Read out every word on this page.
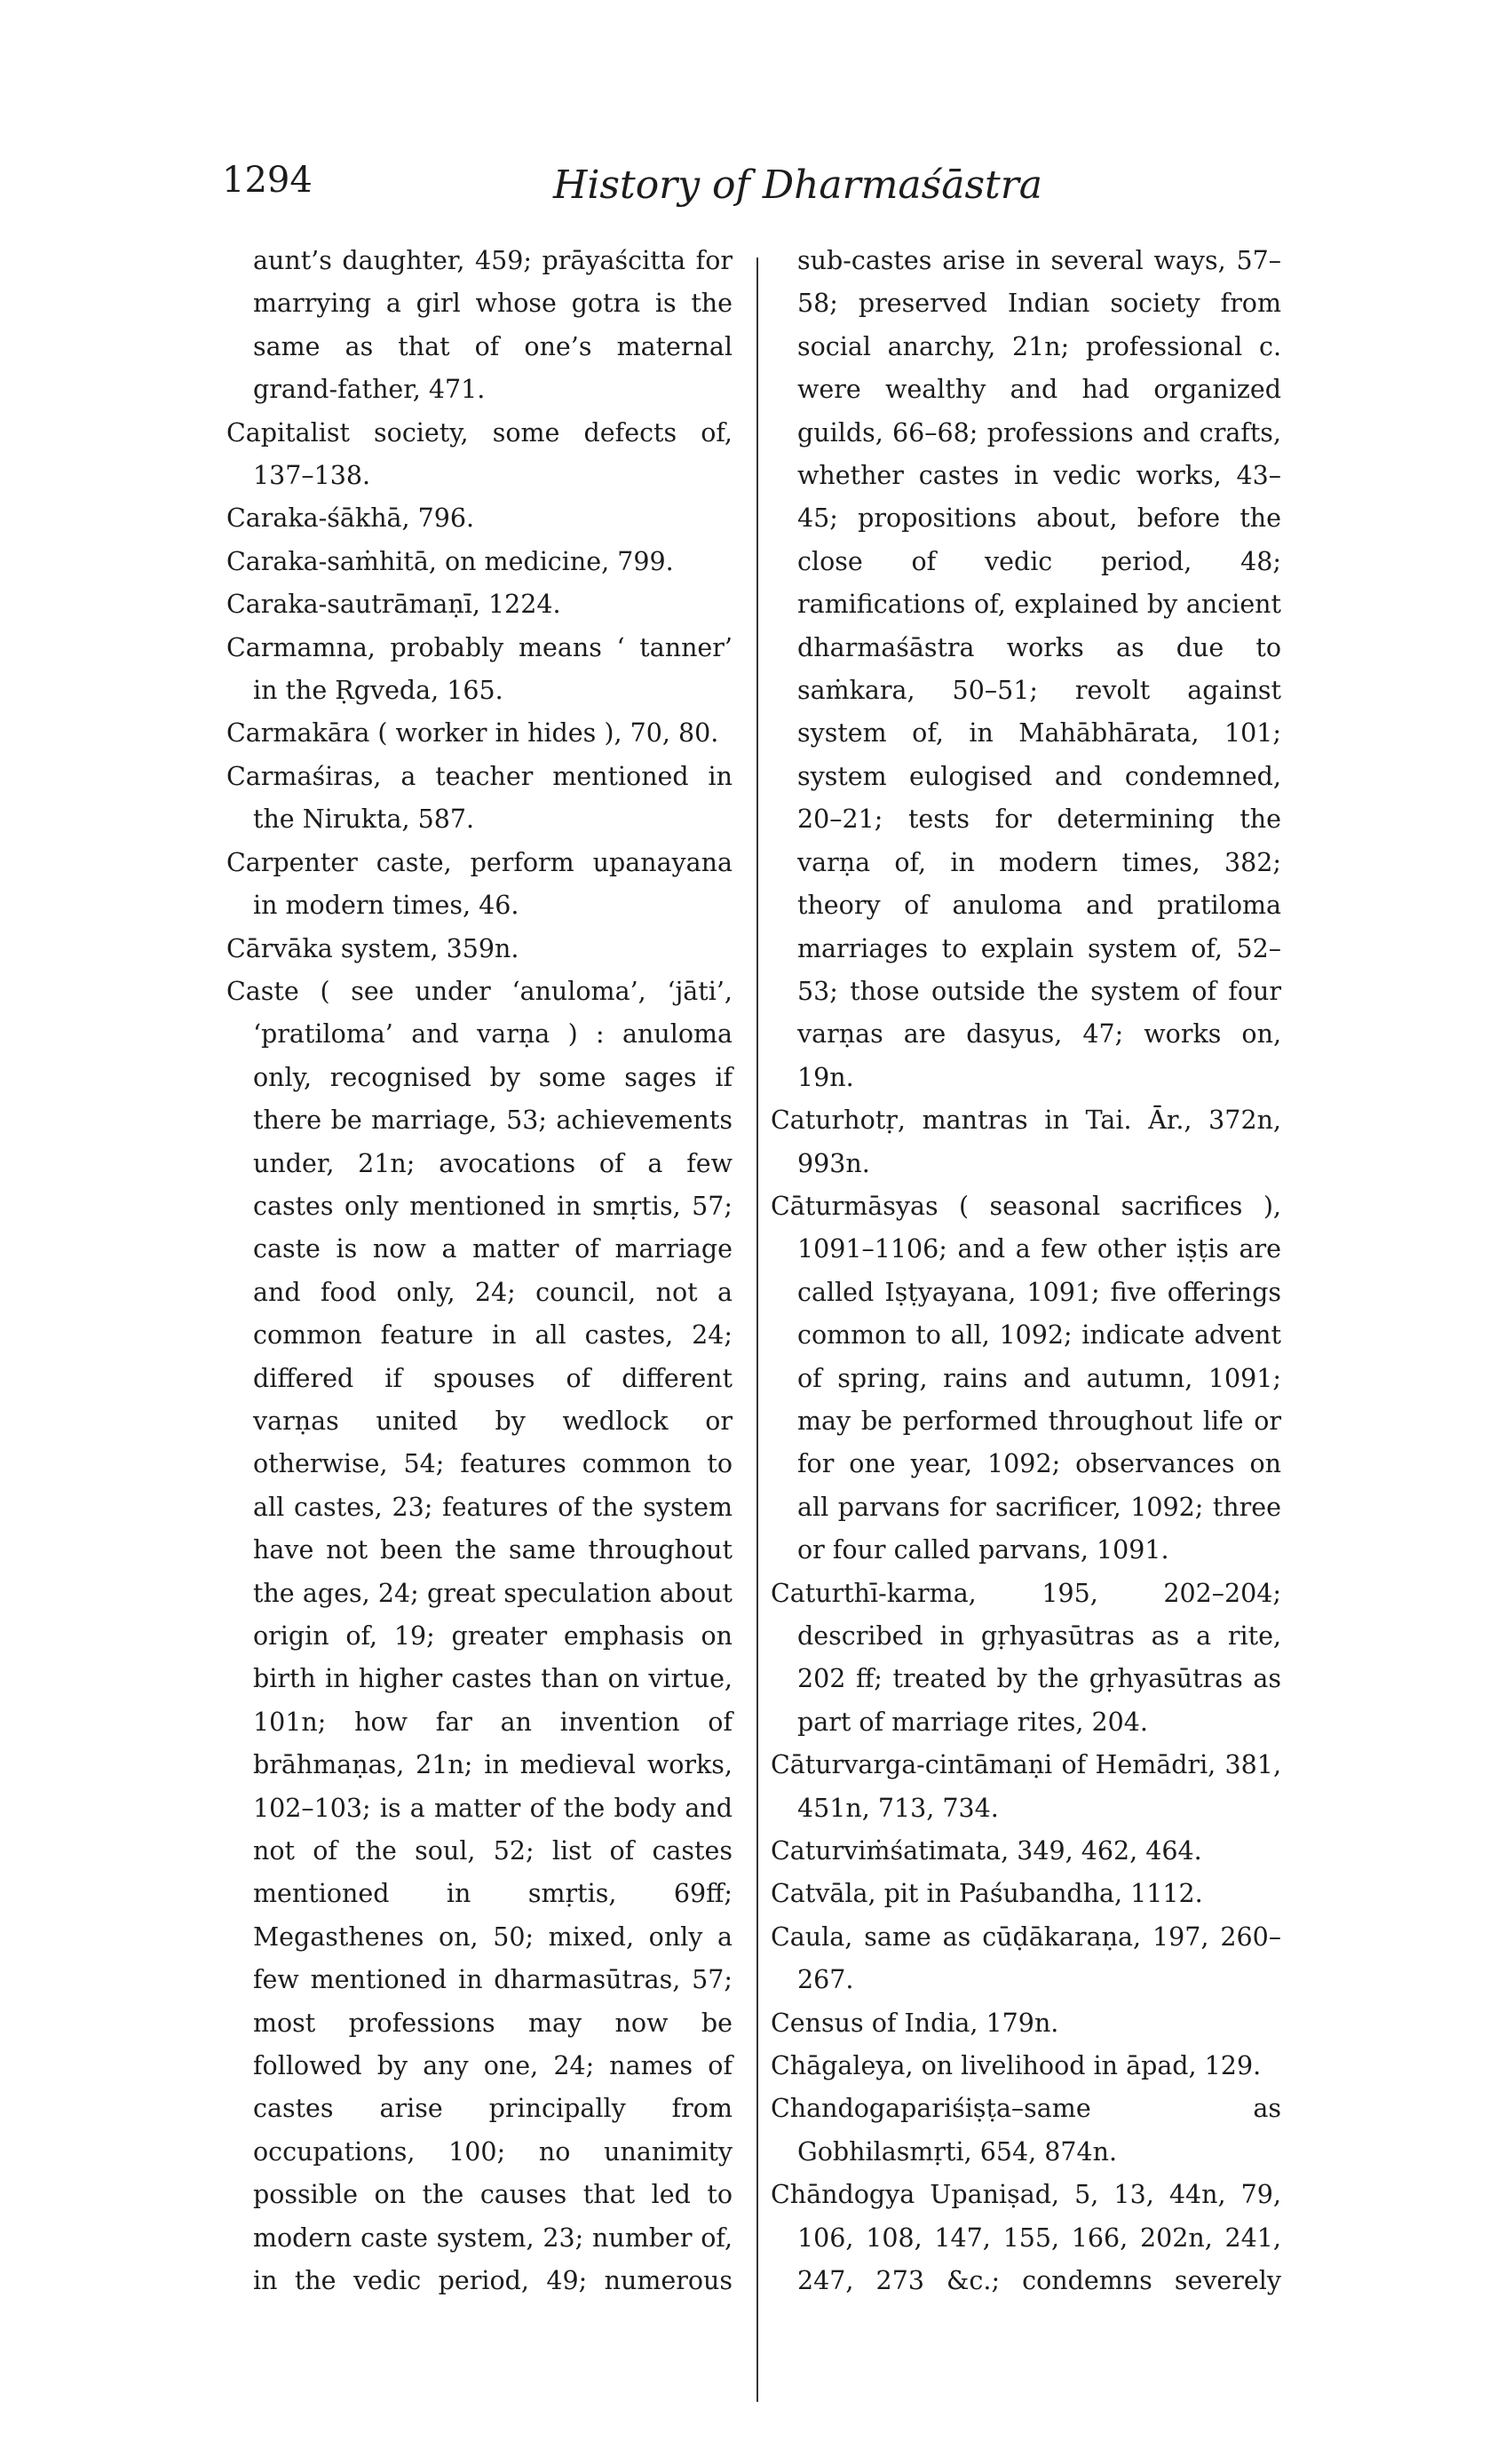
1294	History of Dharmaśāstra
aunt’s daughter, 459; prāyaścitta for marrying a girl whose gotra is the same as that of one’s maternal grand-father, 471.
Capitalist society, some defects of, 137–138.
Caraka-śākhā, 796.
Caraka-saṁhitā, on medicine, 799.
Caraka-sautrāmaṇī, 1224.
Carmamna, probably means ‘ tanner’ in the Ṛgveda, 165.
Carmakāra ( worker in hides ), 70, 80.
Carmaśiras, a teacher mentioned in the Nirukta, 587.
Carpenter caste, perform upanayana in modern times, 46.
Cārvāka system, 359n.
Caste ( see under ‘anuloma’, ‘jāti’, ‘pratiloma’ and varṇa ) : anuloma only, recognised by some sages if there be marriage, 53; achievements under, 21n; avocations of a few castes only mentioned in smṛtis, 57; caste is now a matter of marriage and food only, 24; council, not a common feature in all castes, 24; differed if spouses of different varṇas united by wedlock or otherwise, 54; features common to all castes, 23; features of the system have not been the same throughout the ages, 24; great speculation about origin of, 19; greater emphasis on birth in higher castes than on virtue, 101n; how far an invention of brāhmaṇas, 21n; in medieval works, 102–103; is a matter of the body and not of the soul, 52; list of castes mentioned in smṛtis, 69ff; Megasthenes on, 50; mixed, only a few mentioned in dharmasūtras, 57; most professions may now be followed by any one, 24; names of castes arise principally from occupations, 100; no unanimity possible on the causes that led to modern caste system, 23; number of, in the vedic period, 49; numerous
sub-castes arise in several ways, 57–58; preserved Indian society from social anarchy, 21n; professional c. were wealthy and had organized guilds, 66–68; professions and crafts, whether castes in vedic works, 43–45; propositions about, before the close of vedic period, 48; ramifications of, explained by ancient dharmaśāstra works as due to saṁkara, 50–51; revolt against system of, in Mahābhārata, 101; system eulogised and condemned, 20–21; tests for determining the varṇa of, in modern times, 382; theory of anuloma and pratiloma marriages to explain system of, 52–53; those outside the system of four varṇas are dasyus, 47; works on, 19n.
Caturhotṛ, mantras in Tai. Ār., 372n, 993n.
Cāturmāsyas ( seasonal sacrifices ), 1091–1106; and a few other iṣṭis are called Iṣṭyayana, 1091; five offerings common to all, 1092; indicate advent of spring, rains and autumn, 1091; may be performed throughout life or for one year, 1092; observances on all parvans for sacrificer, 1092; three or four called parvans, 1091.
Caturthī-karma, 195, 202–204; described in gṛhyasūtras as a rite, 202 ff; treated by the gṛhyasūtras as part of marriage rites, 204.
Cāturvarga-cintāmaṇi of Hemādri, 381, 451n, 713, 734.
Caturviṁśatimata, 349, 462, 464.
Catvāla, pit in Paśubandha, 1112.
Caula, same as cūḍākaraṇa, 197, 260–267.
Census of India, 179n.
Chāgaleya, on livelihood in āpad, 129.
Chandogapariśiṣṭa–same as Gobhilasmṛti, 654, 874n.
Chāndogya Upaniṣad, 5, 13, 44n, 79, 106, 108, 147, 155, 166, 202n, 241, 247, 273 &c.; condemns severely
